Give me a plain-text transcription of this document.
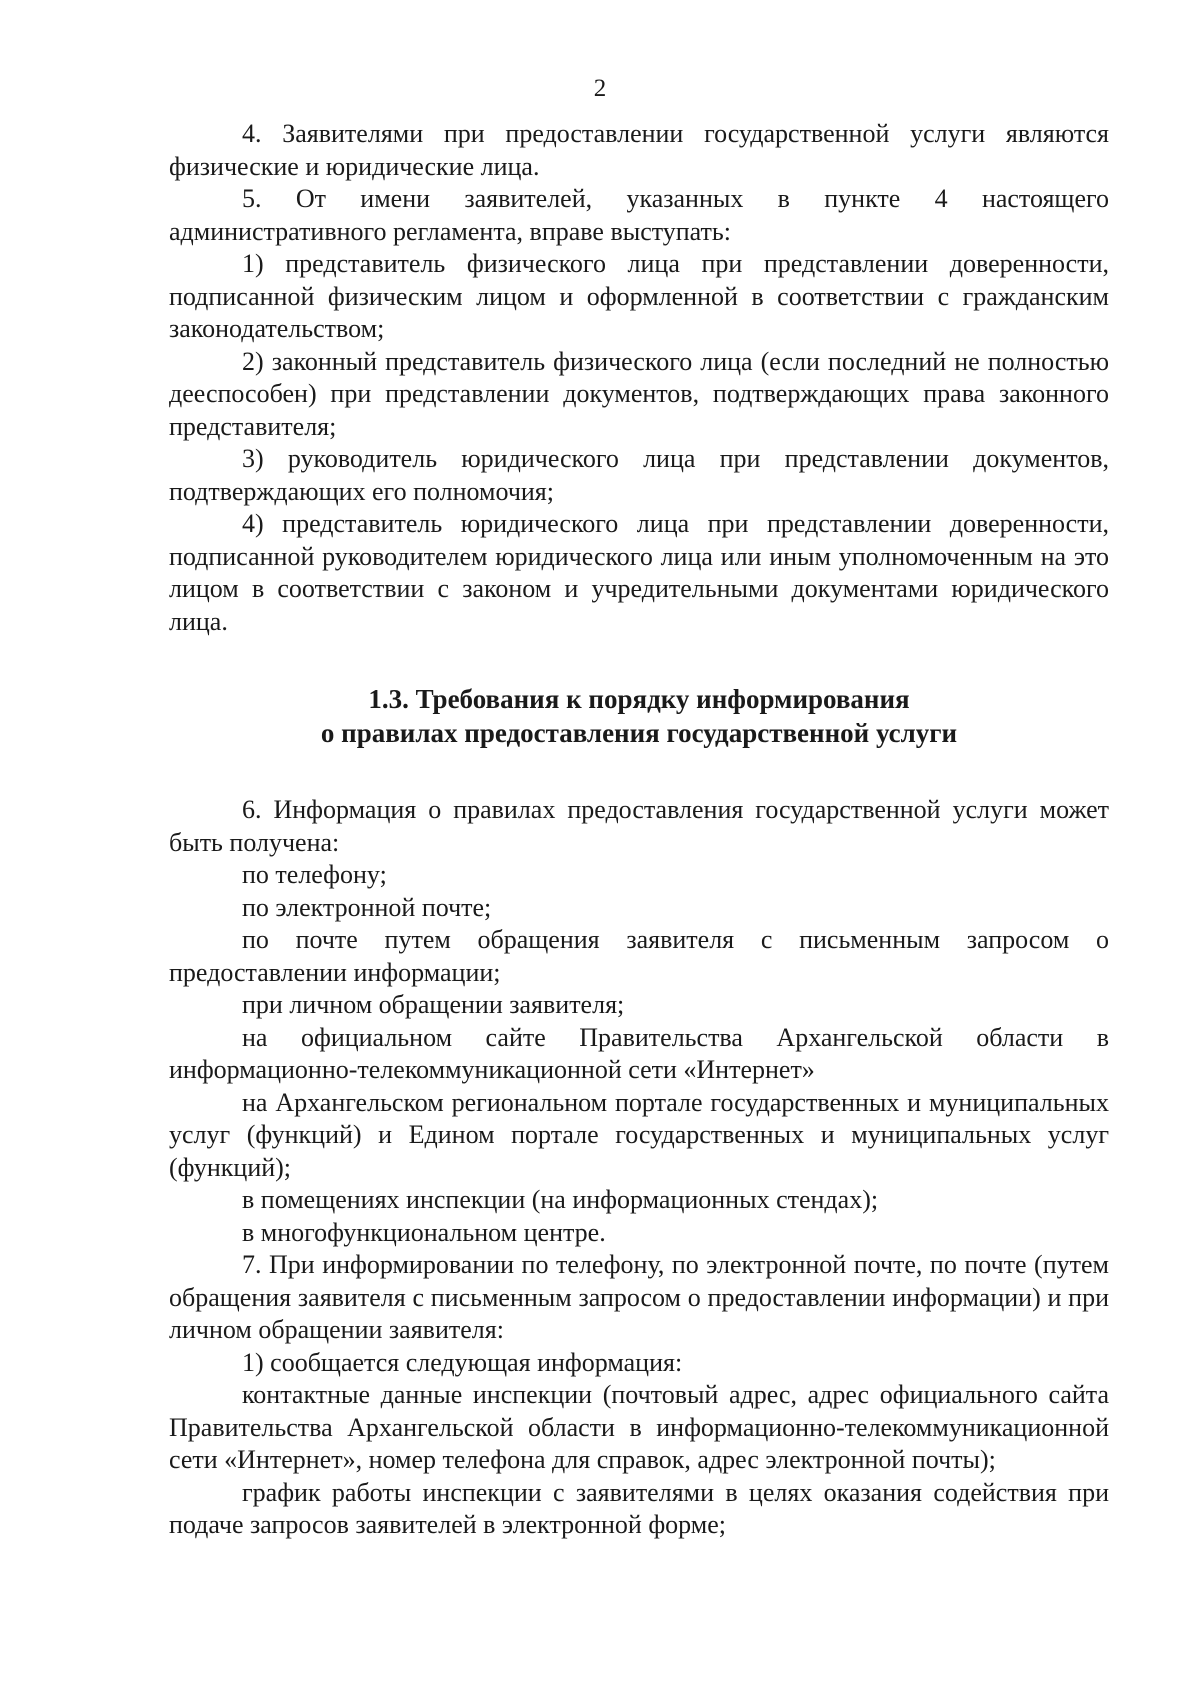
2

4. Заявителями при предоставлении государственной услуги являются физические и юридические лица.

5. От имени заявителей, указанных в пункте 4 настоящего административного регламента, вправе выступать:

1) представитель физического лица при представлении доверенности, подписанной физическим лицом и оформленной в соответствии с гражданским законодательством;

2) законный представитель физического лица (если последний не полностью дееспособен) при представлении документов, подтверждающих права законного представителя;

3) руководитель юридического лица при представлении документов, подтверждающих его полномочия;

4) представитель юридического лица при представлении доверенности, подписанной руководителем юридического лица или иным уполномоченным на это лицом в соответствии с законом и учредительными документами юридического лица.

1.3. Требования к порядку информирования
о правилах предоставления государственной услуги

6. Информация о правилах предоставления государственной услуги может быть получена:

по телефону;

по электронной почте;

по почте путем обращения заявителя с письменным запросом о предоставлении информации;

при личном обращении заявителя;

на официальном сайте Правительства Архангельской области в информационно-телекоммуникационной сети «Интернет»

на Архангельском региональном портале государственных и муниципальных услуг (функций) и Едином портале государственных и муниципальных услуг (функций);

в помещениях инспекции (на информационных стендах);

в многофункциональном центре.

7. При информировании по телефону, по электронной почте, по почте (путем обращения заявителя с письменным запросом о предоставлении информации) и при личном обращении заявителя:

1) сообщается следующая информация:

контактные данные инспекции (почтовый адрес, адрес официального сайта Правительства Архангельской области в информационно-телекоммуникационной сети «Интернет», номер телефона для справок, адрес электронной почты);

график работы инспекции с заявителями в целях оказания содействия при подаче запросов заявителей в электронной форме;
